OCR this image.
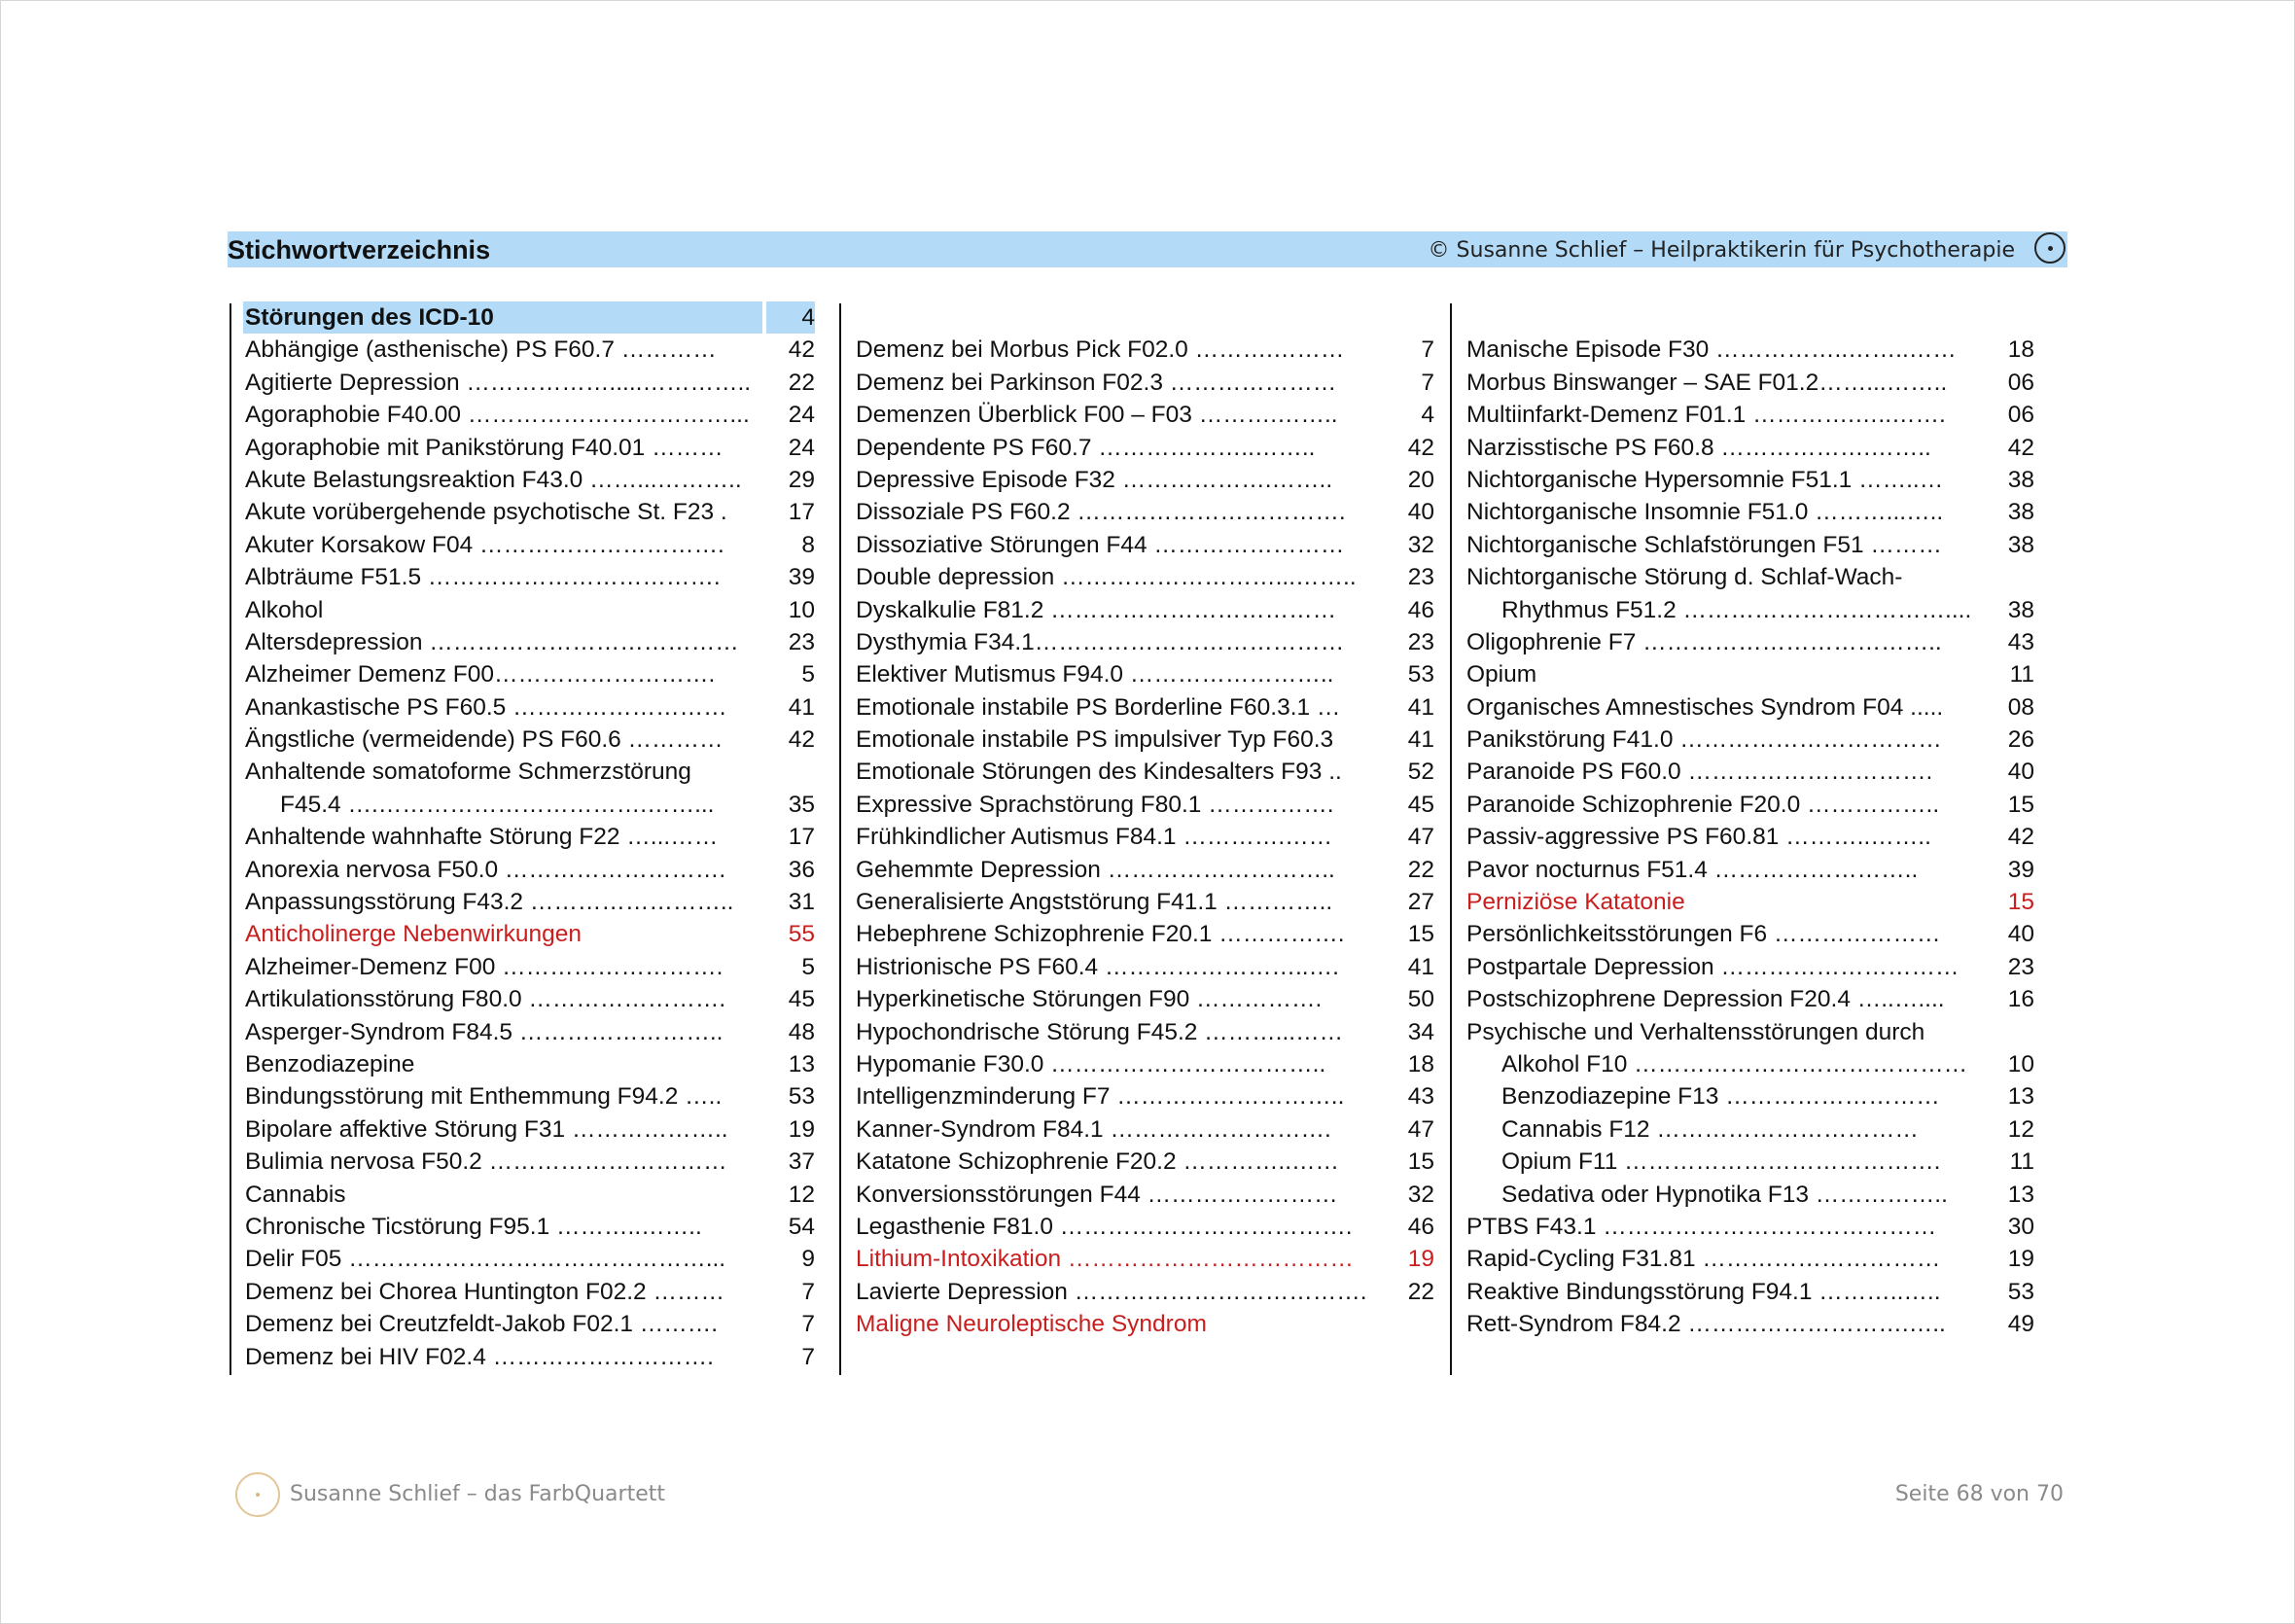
Stichwortverzeichnis	© Susanne Schlief – Heilpraktikerin für Psychotherapie
Störungen des ICD-10	4
Abhängige (asthenische) PS F60.7 …………	42
Agitierte Depression ……………….....…………..	22
Agoraphobie F40.00 ……………………………...	24
Agoraphobie mit Panikstörung F40.01 ………	24
Akute Belastungsreaktion F43.0 ……...………..	29
Akute vorübergehende psychotische St. F23 .	17
Akuter Korsakow F04 ………………………….	8
Albträume F51.5 ……………………………….	39
Alkohol	10
Altersdepression …………………………………	23
Alzheimer Demenz F00……………………….	5
Anankastische PS F60.5 ………………………	41
Ängstliche (vermeidende) PS F60.6 …………	42
Anhaltende somatoforme Schmerzstörung
F45.4 ….…………………………….……...	35
Anhaltende wahnhafte Störung F22 …...……	17
Anorexia nervosa F50.0 ……………………….	36
Anpassungsstörung F43.2 ……………………..	31
Anticholinerge Nebenwirkungen	55
Alzheimer-Demenz F00 ……………………….	5
Artikulationsstörung F80.0 …………………….	45
Asperger-Syndrom F84.5 ……………………..	48
Benzodiazepine	13
Bindungsstörung mit Enthemmung F94.2 …..	53
Bipolare affektive Störung F31 ………………..	19
Bulimia nervosa F50.2 …………………………	37
Cannabis	12
Chronische Ticstörung F95.1 ………..……..	54
Delir F05 ………………………………………...	9
Demenz bei Chorea Huntington F02.2 ………	7
Demenz bei Creutzfeldt-Jakob F02.1 ……….	7
Demenz bei HIV F02.4 ……………………….	7
Demenz bei Morbus Pick F02.0 ……….………	7
Demenz bei Parkinson F02.3 …………………	7
Demenzen Überblick F00 – F03 ……….……..	4
Dependente PS F60.7 ………………..……..	42
Depressive Episode F32 ……………….……..	20
Dissoziale PS F60.2 …………………………….	40
Dissoziative Störungen F44 ……………………	32
Double depression ………………………...……..	23
Dyskalkulie F81.2 ………………………………	46
Dysthymia F34.1…………………………………	23
Elektiver Mutismus F94.0 ……………………..	53
Emotionale instabile PS Borderline F60.3.1 …	41
Emotionale instabile PS impulsiver Typ F60.3	41
Emotionale Störungen des Kindesalters F93 ..	52
Expressive Sprachstörung F80.1 …………….	45
Frühkindlicher Autismus F84.1 ………….……	47
Gehemmte Depression ………………………..	22
Generalisierte Angststörung F41.1 …………..	27
Hebephrene Schizophrenie F20.1 …………….	15
Histrionische PS F60.4 ……………………..….	41
Hyperkinetische Störungen F90 …………….	50
Hypochondrische Störung F45.2 ………...……	34
Hypomanie F30.0 ……………………………..	18
Intelligenzminderung F7 ………………………..	43
Kanner-Syndrom F84.1 ……………………….	47
Katatone Schizophrenie F20.2 …………..……	15
Konversionsstörungen F44 ……………………	32
Legasthenie F81.0 ……………………………….	46
Lithium-Intoxikation ………………………………	19
Lavierte Depression ……………………………….	22
Maligne Neuroleptische Syndrom
Manische Episode F30 ……………..……..……	18
Morbus Binswanger – SAE F01.2……...……..	06
Multiinfarkt-Demenz F01.1 ………….…..…….	06
Narzisstische PS F60.8 ……………….……..	42
Nichtorganische Hypersomnie F51.1 ……..…	38
Nichtorganische Insomnie F51.0 ………...…..	38
Nichtorganische Schlafstörungen F51 ………	38
Nichtorganische Störung d. Schlaf-Wach-
Rhythmus F51.2 ……………………………....	38
Oligophrenie F7 ………………………………..	43
Opium	11
Organisches Amnestisches Syndrom F04 .....	08
Panikstörung F41.0 ……………………………	26
Paranoide PS F60.0 ………………………….	40
Paranoide Schizophrenie F20.0 ……………..	15
Passiv-aggressive PS F60.81 ………..……..	42
Pavor nocturnus F51.4 ……………………..	39
Perniziöse Katatonie	15
Persönlichkeitsstörungen F6 …………………	40
Postpartale Depression …………………………	23
Postschizophrene Depression F20.4 …..…....	16
Psychische und Verhaltensstörungen durch
Alkohol F10 ……………………………………	10
Benzodiazepine F13 ………………………	13
Cannabis F12 ……………………………	12
Opium F11 ………………………………….	11
Sedativa oder Hypnotika F13 ……………..	13
PTBS F43.1 ……………………………………	30
Rapid-Cycling F31.81 …………………………	19
Reaktive Bindungsstörung F94.1 ………..…..	53
Rett-Syndrom F84.2 ……………………….…..	49
Susanne Schlief – das FarbQuartett	Seite 68 von 70
